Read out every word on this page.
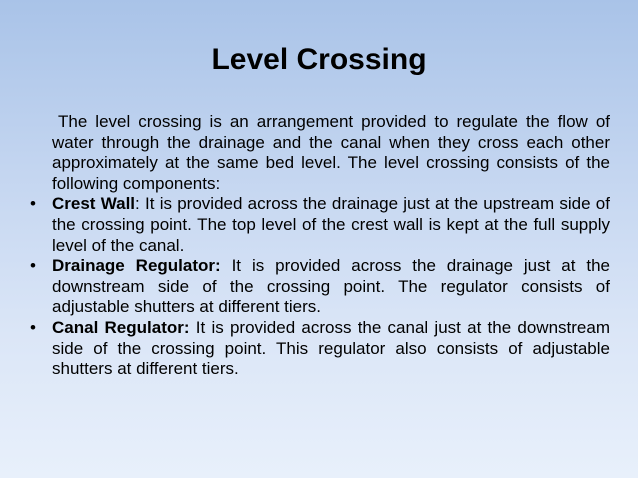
Level Crossing

The level crossing is an arrangement provided to regulate the flow of water through the drainage and the canal when they cross each other approximately at the same bed level. The level crossing consists of the following components:

• Crest Wall: It is provided across the drainage just at the upstream side of the crossing point. The top level of the crest wall is kept at the full supply level of the canal.
• Drainage Regulator: It is provided across the drainage just at the downstream side of the crossing point. The regulator consists of adjustable shutters at different tiers.
• Canal Regulator: It is provided across the canal just at the downstream side of the crossing point. This regulator also consists of adjustable shutters at different tiers.
